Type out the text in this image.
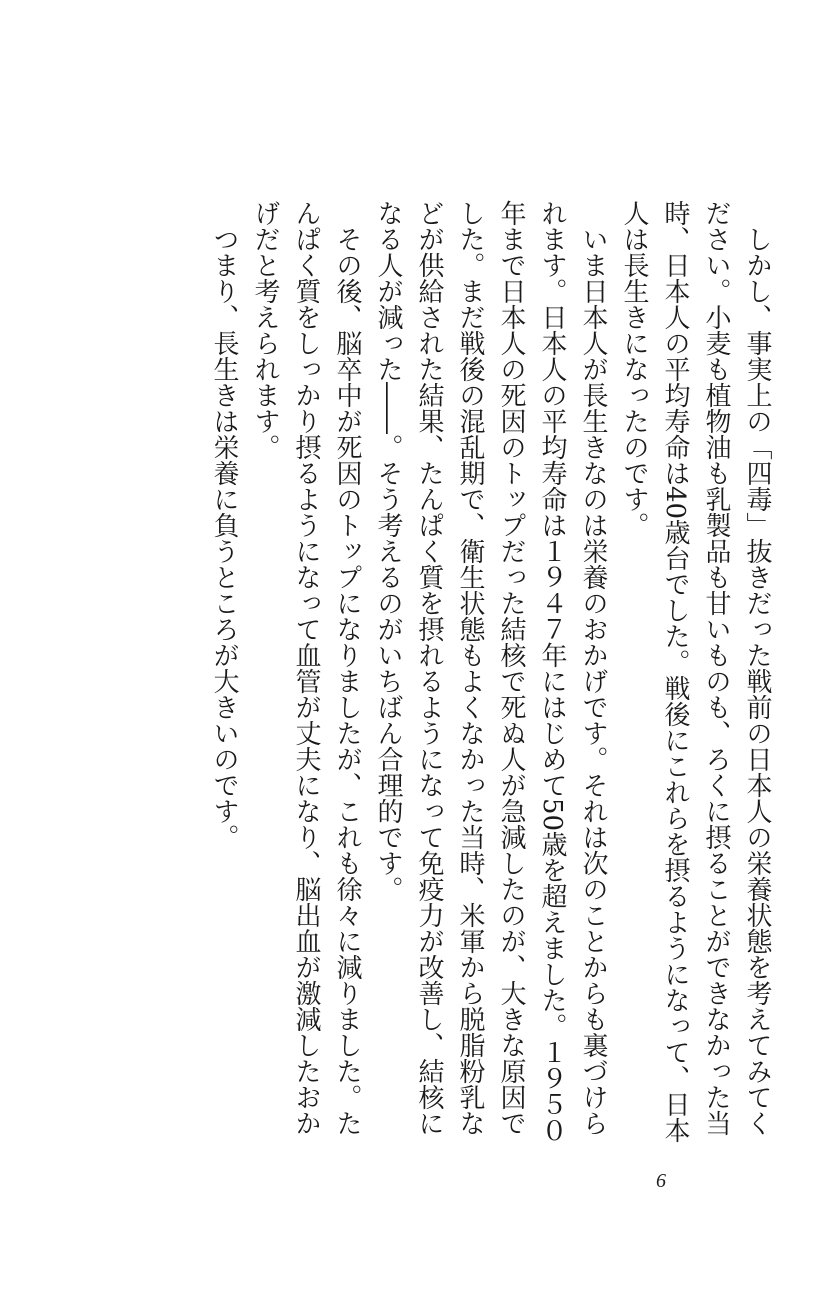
　しかし、事実上の「四毒」抜きだった戦前の日本人の栄養状態を考えてみてください。小麦も植物油も乳製品も甘いものも、ろくに摂ることができなかった当時、日本人の平均寿命は40歳台でした。戦後にこれらを摂るようになって、日本人は長生きになったのです。

　いま日本人が長生きなのは栄養のおかげです。それは次のことからも裏づけられます。日本人の平均寿命は１９４７年にはじめて50歳を超えました。１９５０年まで日本人の死因のトップだった結核で死ぬ人が急減したのが、大きな原因でした。まだ戦後の混乱期で、衛生状態もよくなかった当時、米軍から脱脂粉乳などが供給された結果、たんぱく質を摂れるようになって免疫力が改善し、結核になる人が減った――。そう考えるのがいちばん合理的です。

　その後、脳卒中が死因のトップになりましたが、これも徐々に減りました。たんぱく質をしっかり摂るようになって血管が丈夫になり、脳出血が激減したおかげだと考えられます。

　つまり、長生きは栄養に負うところが大きいのです。

6
